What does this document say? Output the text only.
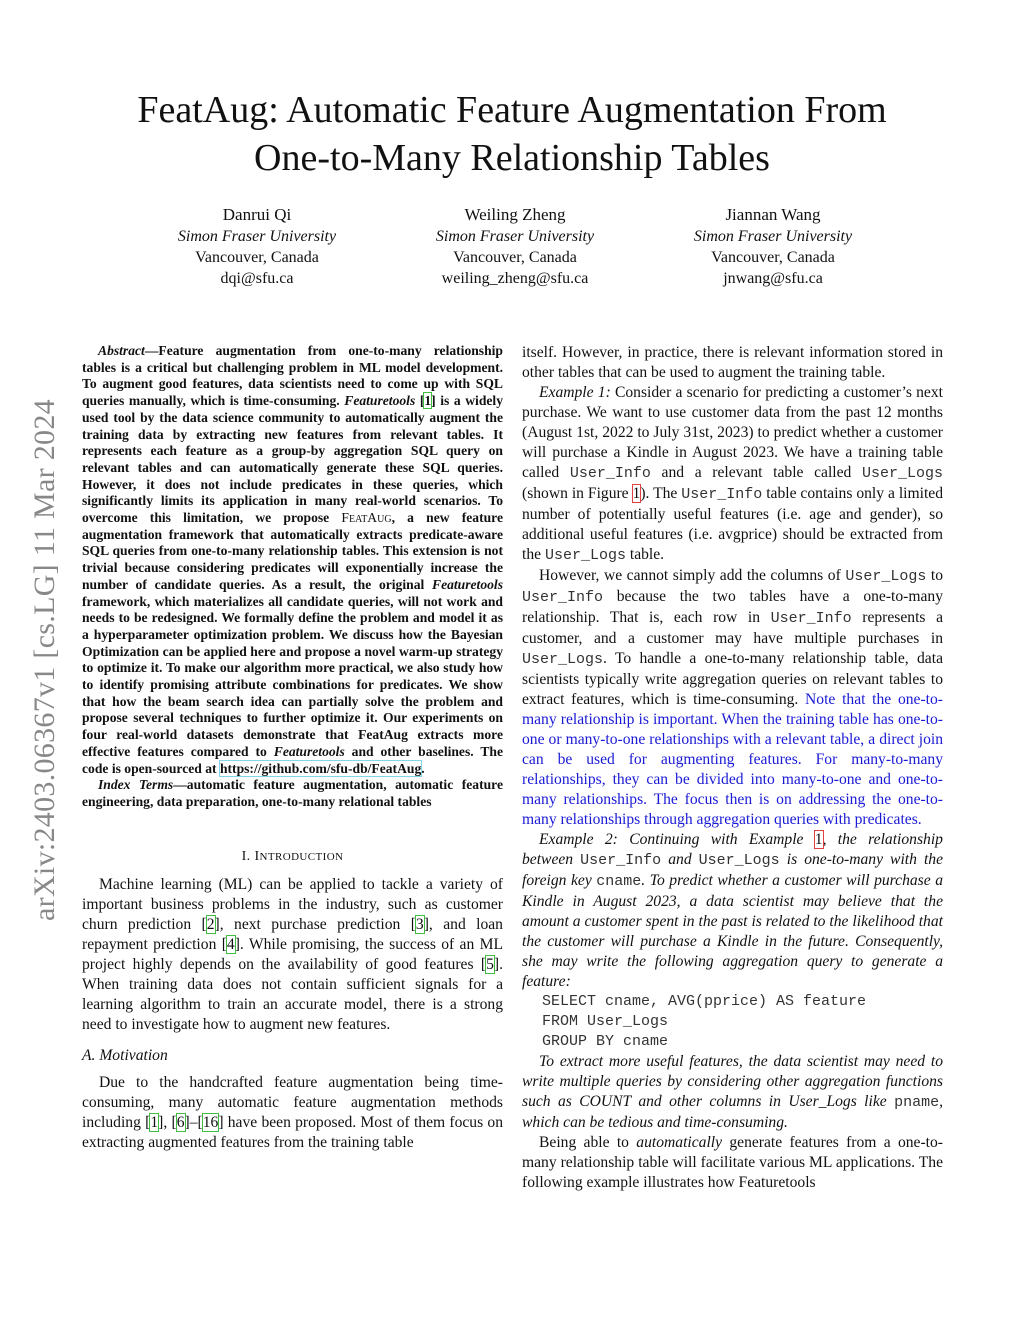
FeatAug: Automatic Feature Augmentation From
One-to-Many Relationship Tables
Danrui Qi
Simon Fraser University
Vancouver, Canada
dqi@sfu.ca
Weiling Zheng
Simon Fraser University
Vancouver, Canada
weiling_zheng@sfu.ca
Jiannan Wang
Simon Fraser University
Vancouver, Canada
jnwang@sfu.ca
arXiv:2403.06367v1 [cs.LG] 11 Mar 2024

Abstract—Feature augmentation from one-to-many relationship tables is a critical but challenging problem in ML model development. To augment good features, data scientists need to come up with SQL queries manually, which is time-consuming. Featuretools [1] is a widely used tool by the data science community to automatically augment the training data by extracting new features from relevant tables. It represents each feature as a group-by aggregation SQL query on relevant tables and can automatically generate these SQL queries. However, it does not include predicates in these queries, which significantly limits its application in many real-world scenarios. To overcome this limitation, we propose FeatAug, a new feature augmentation framework that automatically extracts predicate-aware SQL queries from one-to-many relationship tables. This extension is not trivial because considering predicates will exponentially increase the number of candidate queries. As a result, the original Featuretools framework, which materializes all candidate queries, will not work and needs to be redesigned. We formally define the problem and model it as a hyperparameter optimization problem. We discuss how the Bayesian Optimization can be applied here and propose a novel warm-up strategy to optimize it. To make our algorithm more practical, we also study how to identify promising attribute combinations for predicates. We show that how the beam search idea can partially solve the problem and propose several techniques to further optimize it. Our experiments on four real-world datasets demonstrate that FeatAug extracts more effective features compared to Featuretools and other baselines. The code is open-sourced at https://github.com/sfu-db/FeatAug.

Index Terms—automatic feature augmentation, automatic feature engineering, data preparation, one-to-many relational tables

I. INTRODUCTION

Machine learning (ML) can be applied to tackle a variety of important business problems in the industry, such as customer churn prediction [2], next purchase prediction [3], and loan repayment prediction [4]. While promising, the success of an ML project highly depends on the availability of good features [5]. When training data does not contain sufficient signals for a learning algorithm to train an accurate model, there is a strong need to investigate how to augment new features.

A. Motivation

Due to the handcrafted feature augmentation being time-consuming, many automatic feature augmentation methods including [1], [6]–[16] have been proposed. Most of them focus on extracting augmented features from the training table

itself. However, in practice, there is relevant information stored in other tables that can be used to augment the training table.

Example 1: Consider a scenario for predicting a customer’s next purchase. We want to use customer data from the past 12 months (August 1st, 2022 to July 31st, 2023) to predict whether a customer will purchase a Kindle in August 2023. We have a training table called User_Info and a relevant table called User_Logs (shown in Figure 1). The User_Info table contains only a limited number of potentially useful features (i.e. age and gender), so additional useful features (i.e. avgprice) should be extracted from the User_Logs table.

However, we cannot simply add the columns of User_Logs to User_Info because the two tables have a one-to-many relationship. That is, each row in User_Info represents a customer, and a customer may have multiple purchases in User_Logs. To handle a one-to-many relationship table, data scientists typically write aggregation queries on relevant tables to extract features, which is time-consuming. Note that the one-to-many relationship is important. When the training table has one-to-one or many-to-one relationships with a relevant table, a direct join can be used for augmenting features. For many-to-many relationships, they can be divided into many-to-one and one-to-many relationships. The focus then is on addressing the one-to-many relationships through aggregation queries with predicates.

Example 2: Continuing with Example 1, the relationship between User_Info and User_Logs is one-to-many with the foreign key cname. To predict whether a customer will purchase a Kindle in August 2023, a data scientist may believe that the amount a customer spent in the past is related to the likelihood that the customer will purchase a Kindle in the future. Consequently, she may write the following aggregation query to generate a feature:

SELECT cname, AVG(pprice) AS feature
FROM User_Logs
GROUP BY cname

To extract more useful features, the data scientist may need to write multiple queries by considering other aggregation functions such as COUNT and other columns in User_Logs like pname, which can be tedious and time-consuming.

Being able to automatically generate features from a one-to-many relationship table will facilitate various ML applications. The following example illustrates how Featuretools
